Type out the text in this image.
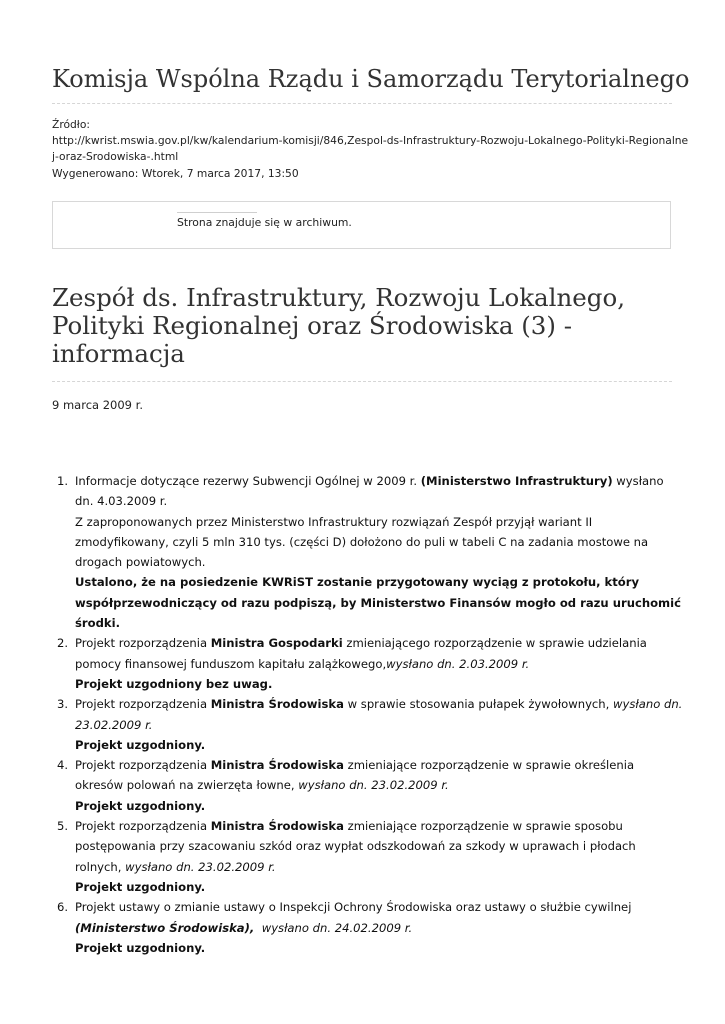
Komisja Wspólna Rządu i Samorządu Terytorialnego
Źródło:
http://kwrist.mswia.gov.pl/kw/kalendarium-komisji/846,Zespol-ds-Infrastruktury-Rozwoju-Lokalnego-Polityki-Regionalne
j-oraz-Srodowiska-.html
Wygenerowano: Wtorek, 7 marca 2017, 13:50
Strona znajduje się w archiwum.
Zespół ds. Infrastruktury, Rozwoju Lokalnego,
Polityki Regionalnej oraz Środowiska (3) -
informacja
9 marca 2009 r.
1. Informacje dotyczące rezerwy Subwencji Ogólnej w 2009 r. (Ministerstwo Infrastruktury) wysłano
dn. 4.03.2009 r.
Z zaproponowanych przez Ministerstwo Infrastruktury rozwiązań Zespół przyjął wariant II
zmodyfikowany, czyli 5 mln 310 tys. (części D) dołożono do puli w tabeli C na zadania mostowe na
drogach powiatowych.
Ustalono, że na posiedzenie KWRiST zostanie przygotowany wyciąg z protokołu, który
współprzewodniczący od razu podpiszą, by Ministerstwo Finansów mogło od razu uruchomić
środki.
2. Projekt rozporządzenia Ministra Gospodarki zmieniającego rozporządzenie w sprawie udzielania
pomocy finansowej funduszom kapitału zalążkowego,wysłano dn. 2.03.2009 r.
Projekt uzgodniony bez uwag.
3. Projekt rozporządzenia Ministra Środowiska w sprawie stosowania pułapek żywołownych, wysłano dn.
23.02.2009 r.
Projekt uzgodniony.
4. Projekt rozporządzenia Ministra Środowiska zmieniające rozporządzenie w sprawie określenia
okresów polowań na zwierzęta łowne, wysłano dn. 23.02.2009 r.
Projekt uzgodniony.
5. Projekt rozporządzenia Ministra Środowiska zmieniające rozporządzenie w sprawie sposobu
postępowania przy szacowaniu szkód oraz wypłat odszkodowań za szkody w uprawach i płodach
rolnych, wysłano dn. 23.02.2009 r.
Projekt uzgodniony.
6. Projekt ustawy o zmianie ustawy o Inspekcji Ochrony Środowiska oraz ustawy o służbie cywilnej
(Ministerstwo Środowiska),  wysłano dn. 24.02.2009 r.
Projekt uzgodniony.
